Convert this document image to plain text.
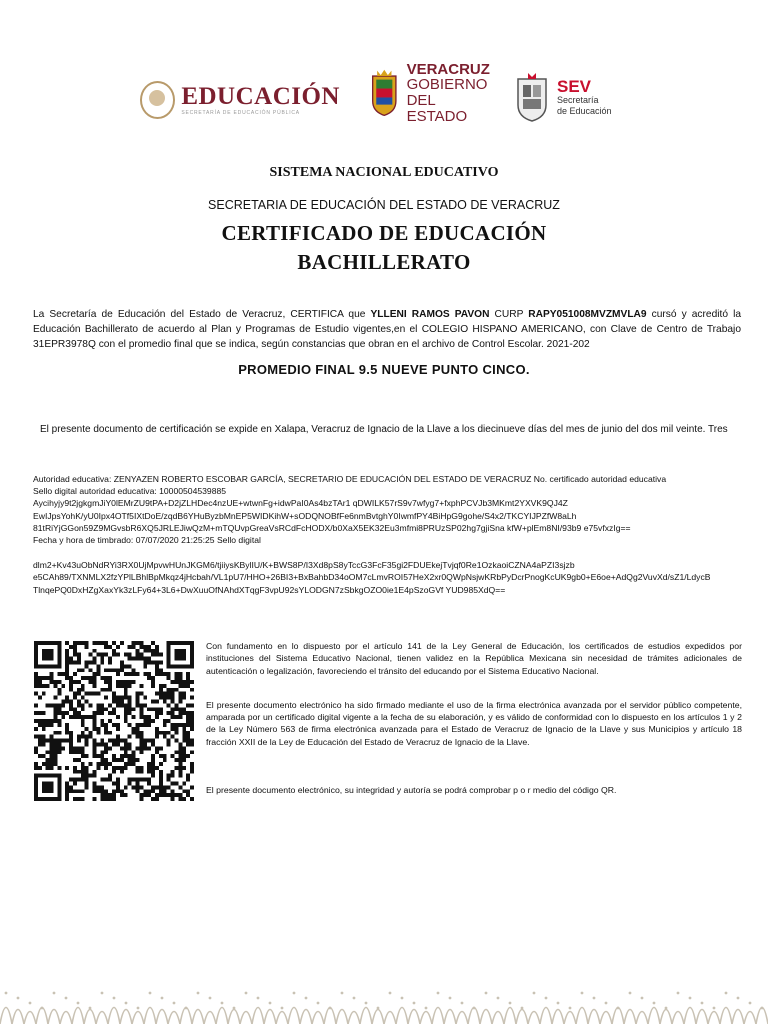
EDUCACIÓN
SECRETARÍA DE EDUCACIÓN PÚBLICA
VERACRUZ
GOBIERNO
DEL ESTADO
SEV
Secretaría
de Educación
SISTEMA NACIONAL EDUCATIVO
SECRETARIA DE EDUCACIÓN DEL ESTADO DE VERACRUZ
CERTIFICADO DE EDUCACIÓN
BACHILLERATO
La Secretaría de Educación del Estado de Veracruz, CERTIFICA que YLLENI RAMOS PAVON CURP RAPY051008MVZMVLA9 cursó y acreditó la Educación Bachillerato de acuerdo al Plan y Programas de Estudio vigentes,en el COLEGIO HISPANO AMERICANO, con Clave de Centro de Trabajo 31EPR3978Q con el promedio final que se indica, según constancias que obran en el archivo de Control Escolar. 2021-202
PROMEDIO FINAL 9.5 NUEVE PUNTO CINCO.
El presente documento de certificación se expide en Xalapa, Veracruz de Ignacio de la Llave a los diecinueve días del mes de junio del dos mil veinte. Tres
Autoridad educativa: ZENYAZEN ROBERTO ESCOBAR GARCÍA, SECRETARIO DE EDUCACIÓN DEL ESTADO DE VERACRUZ No. certificado autoridad educativa
Sello digital autoridad educativa: 10000504539885
Aycihyjy9t2jgkgmJiY0lEMrZU9tPA+D2jZLHDec4nzUE+wtwnFg+idwPaI0As4bzTAr1 qDWILK57rS9v7wfyg7+fxphPCVJb3MKmt2YXVK9QJ4Z
EwIJpsYohK/yU0Ipx4OTf5IXtDoE/zqdB6YHuByzbMnEP5WIDKihW+sODQNOBfFe6nmBvtghY0IwmfPY4BiHpG9gohe/S4x2/TKCYIJPZfW8aLh
81tRiYjGGon59Z9MGvsbR6XQ5JRLEJiwQzM+mTQUvpGreaVsRCdFcHODX/b0XaX5EK32Eu3mfmi8PRUzSP02hg7gjiSna kfW+plEm8NI/93b9 e75vfxzIg==
Fecha y hora de timbrado: 07/07/2020 21:25:25 Sello digital
dlm2+Kv43uObNdRYi3RX0UjMpvwHUnJKGM6/tjiiysKBylIU/K+BWS8P/I3Xd8pS8yTccG3FcF35gi2FDUEkejTvjqf0Re1OzkaoiCZNA4aPZI3sjzb
e5CAh89/TXNMLX2fzYPlLBhlBpMkqz4jHcbah/VL1pU7/HHO+26BI3+BxBahbD34oOM7cLmvROI57HeX2xr0QWpNsjwKRbPyDcrPnogKcUK9gb0+E6oe+AdQg2VuvXd/sZ1/LdycB
TlnqePQ0DxHZgXaxYk3zLFy64+3L6+DwXuuOfNAhdXTqgF3vpU92sYLODGN7zSbkgOZO0ie1E4pSzoGVf YUD985XdQ==

Con fundamento en lo dispuesto por el artículo 141 de la Ley General de Educación, los certificados de estudios expedidos por instituciones del Sistema Educativo Nacional, tienen validez en la República Mexicana sin necesidad de trámites adicionales de autenticación o legalización, favoreciendo el tránsito del educando por el Sistema Educativo Nacional.

El presente documento electrónico ha sido firmado mediante el uso de la firma electrónica avanzada por el servidor público competente, amparada por un certificado digital vigente a la fecha de su elaboración, y es válido de conformidad con lo dispuesto en los artículos 1 y 2 de la Ley Número 563 de firma electrónica avanzada para el Estado de Veracruz de Ignacio de la Llave y sus Municipios y artículo 18 fracción XXII de la Ley de Educación del Estado de Veracruz de Ignacio de la Llave.

El presente documento electrónico, su integridad y autoría se podrá comprobar p o r medio del código QR.
